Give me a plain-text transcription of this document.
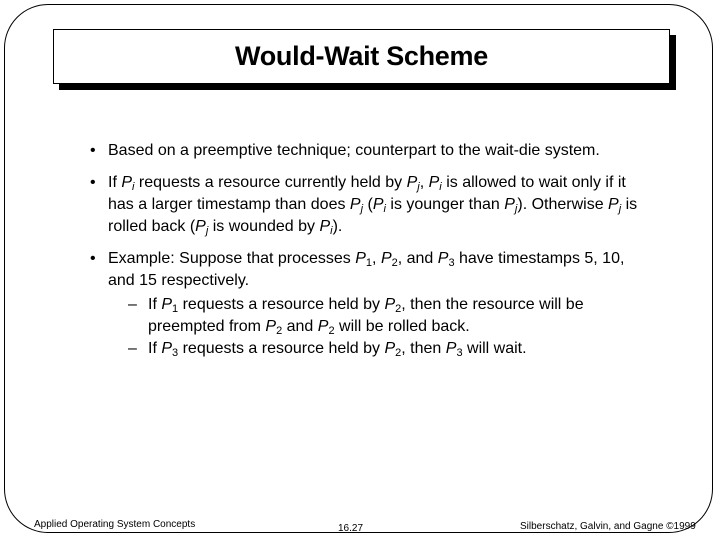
Would-Wait Scheme
• Based on a preemptive technique; counterpart to the wait-die system.
• If $P_i$ requests a resource currently held by $P_j$, $P_i$ is allowed to wait only if it has a larger timestamp than does $P_j$ ($P_i$ is younger than $P_j$). Otherwise $P_j$ is rolled back ($P_j$ is wounded by $P_i$).
• Example: Suppose that processes $P_1$, $P_2$, and $P_3$ have timestamps 5, 10, and 15 respectively.
– If $P_1$ requests a resource held by $P_2$, then the resource will be preempted from $P_2$ and $P_2$ will be rolled back.
– If $P_3$ requests a resource held by $P_2$, then $P_3$ will wait.
Applied Operating System Concepts	16.27	Silberschatz, Galvin, and Gagne ©1999
